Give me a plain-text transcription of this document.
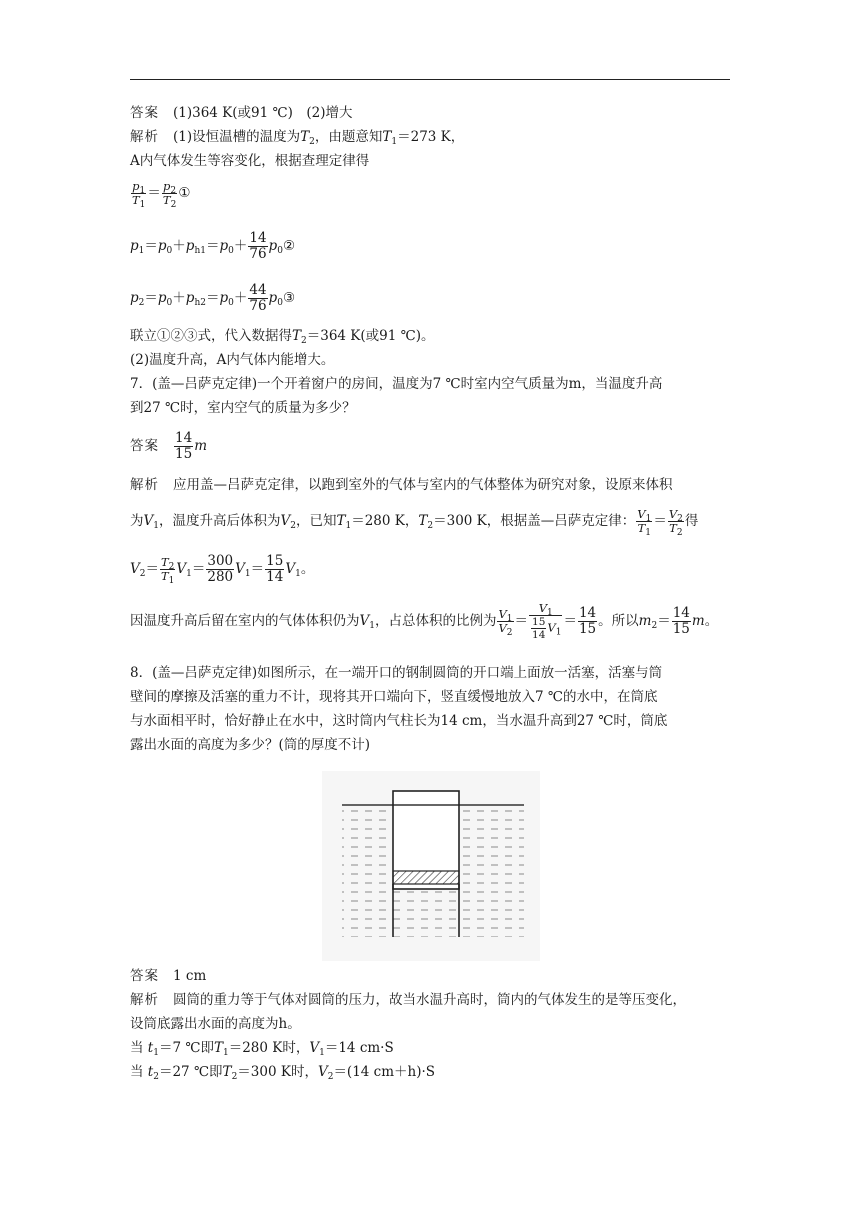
答案 (1)364 K(或91 ℃)　(2)增大
解析 (1)设恒温槽的温度为$T_2$，由题意知$T_1=273$ K，
A内气体发生等容变化，根据查理定律得
$\frac{p_1}{T_1} = \frac{p_2}{T_2}$ ①
$p_1=p_0+p_{h1}=p_0+ \frac{14}{76}$ $p_0②$
$p_2=p_0+p_{h2}=p_0+ \frac{44}{76}$ $p_0③$
联立①②③式，代入数据得$T_2=364$ K(或91 ℃)。
(2)温度升高，A内气体内能增大。
7．(盖—吕萨克定律)一个开着窗户的房间，温度为7 ℃时室内空气质量为m，当温度升高
到27 ℃时，室内空气的质量为多少？
答案 $\frac{14}{15}$ m
解析 应用盖—吕萨克定律，以跑到室外的气体与室内的气体整体为研究对象，设原来体积
为$V_1$，温度升高后体积为$V_2$，已知$T_1=280$ K，$T_2=300$ K，根据盖—吕萨克定律： $\frac{V_1}{T_1} = \frac{V_2}{T_2}$ 得
$V_2= \frac{T_2}{T_1} V_1= \frac{300}{280} V_1= \frac{15}{14} V_1$。
因温度升高后留在室内的气体体积仍为$V_1$，占总体积的比例为 $\frac{V_1}{V_2} = \frac{V_1}{\frac{15}{14} V_1} = \frac{14}{15}$ 。所以$m_2= \frac{14}{15}$ m。
8．(盖—吕萨克定律)如图所示，在一端开口的钢制圆筒的开口端上面放一活塞，活塞与筒
壁间的摩擦及活塞的重力不计，现将其开口端向下，竖直缓慢地放入7 ℃的水中，在筒底
与水面相平时，恰好静止在水中，这时筒内气柱长为14 cm，当水温升高到27 ℃时，筒底
露出水面的高度为多少？(筒的厚度不计)
答案 1 cm
解析 圆筒的重力等于气体对圆筒的压力，故当水温升高时，筒内的气体发生的是等压变化，
设筒底露出水面的高度为h。
当 $t_1=7$ ℃即$T_1=280$ K时，$V_1=14$ cm·S
当 $t_2=27$ ℃即$T_2=300$ K时，$V_2=(14$ cm＋h)·S
